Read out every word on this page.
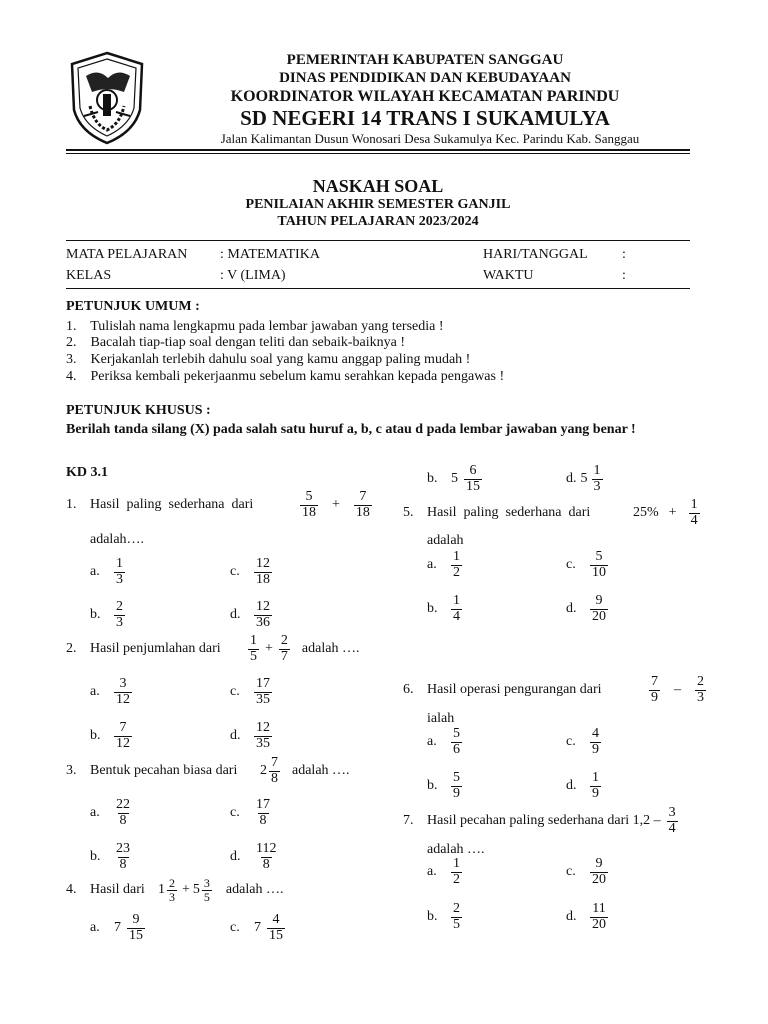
PEMERINTAH KABUPATEN SANGGAU
DINAS PENDIDIKAN DAN KEBUDAYAAN
KOORDINATOR WILAYAH KECAMATAN PARINDU
SD NEGERI 14 TRANS I SUKAMULYA
Jalan Kalimantan Dusun Wonosari Desa Sukamulya Kec. Parindu Kab. Sanggau
NASKAH SOAL
PENILAIAN AKHIR SEMESTER GANJIL
TAHUN PELAJARAN 2023/2024
MATA PELAJARAN : MATEMATIKA	HARI/TANGGAL :
KELAS	: V (LIMA)	WAKTU	:
PETUNJUK UMUM :
1.    Tulislah nama lengkapmu pada lembar jawaban yang tersedia !
2.    Bacalah tiap-tiap soal dengan teliti dan sebaik-baiknya !
3.    Kerjakanlah terlebih dahulu soal yang kamu anggap paling mudah !
4.    Periksa kembali pekerjaanmu sebelum kamu serahkan kepada pengawas !
PETUNJUK KHUSUS :
Berilah tanda silang (X) pada salah satu huruf a, b, c atau d pada lembar jawaban yang benar !
KD 3.1
1. Hasil  paling  sederhana  dari	$\frac{5}{18} + \frac{7}{18}$
adalah….
a.	$\frac{1}{3}$	c.	$\frac{12}{18}$
b. $\frac{2}{3}$	d. $\frac{12}{36}$
2. Hasil penjumlahan dari	$\frac{1}{5} + \frac{2}{7}$ adalah ….
a.	$\frac{3}{12}$	c.	$\frac{17}{35}$
b. $\frac{7}{12}$	d. $\frac{12}{35}$
3. Bentuk pecahan biasa dari	$2 \frac{7}{8}$ adalah ….
a.	$\frac{22}{8}$	c.	$\frac{17}{8}$
b. $\frac{23}{8}$	d. $\frac{112}{8}$
4. Hasil dari $1 \frac{2}{3} + 5 \frac{3}{5}$ adalah ….
a.	$7 \frac{9}{15}$	c.	$7 \frac{4}{15}$
b. $5 \frac{6}{15}$	d. $5 \frac{1}{3}$
5. Hasil  paling  sederhana  dari	$25\% + \frac{1}{4}$
adalah
a.	$\frac{1}{2}$	c.	$\frac{5}{10}$
b. $\frac{1}{4}$	d. $\frac{9}{20}$
6. Hasil operasi pengurangan dari	$\frac{7}{9} - \frac{2}{3}$
ialah
a.	$\frac{5}{6}$	c.	$\frac{4}{9}$
b. $\frac{5}{9}$	d. $\frac{1}{9}$
7. Hasil pecahan paling sederhana dari $1,2 - \frac{3}{4}$
adalah ….
a.	$\frac{1}{2}$	c.	$\frac{9}{20}$
b. $\frac{2}{5}$	d. $\frac{11}{20}$
